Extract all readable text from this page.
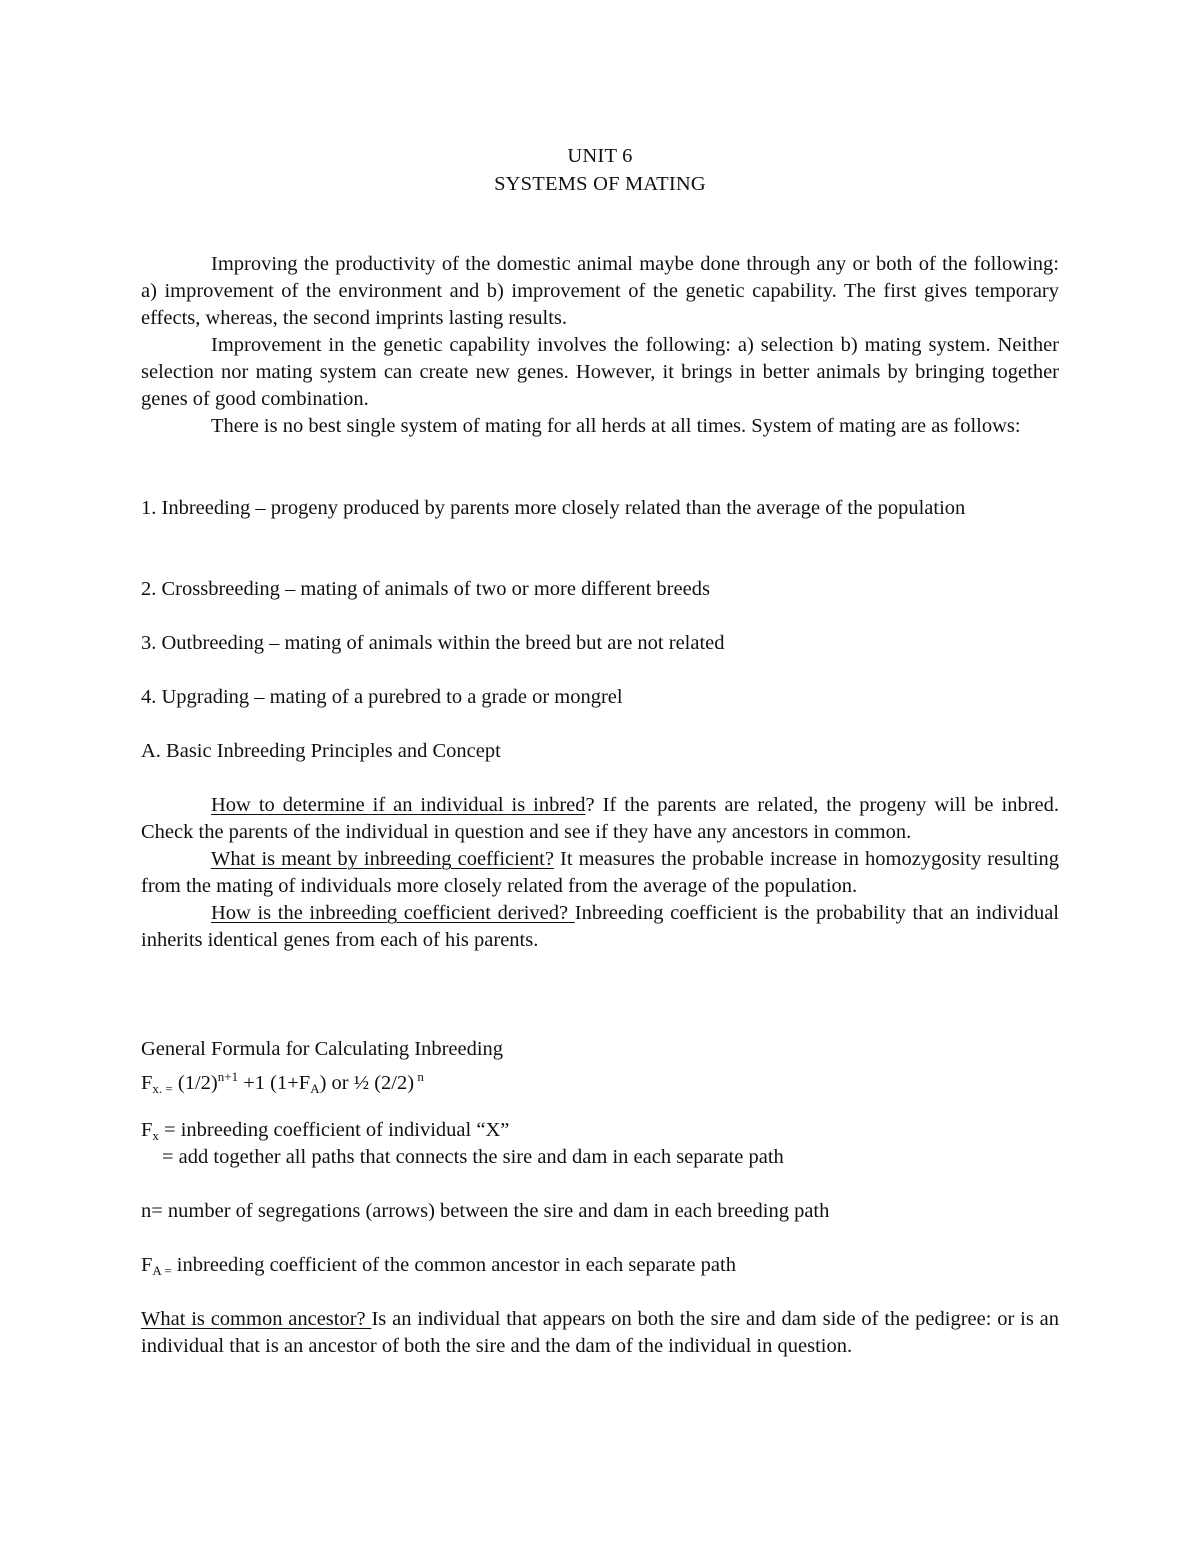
UNIT 6
SYSTEMS OF MATING

Improving the productivity of the domestic animal maybe done through any or both of the following: a) improvement of the environment and b) improvement of the genetic capability. The first gives temporary effects, whereas, the second imprints lasting results.

Improvement in the genetic capability involves the following: a) selection b) mating system. Neither selection nor mating system can create new genes. However, it brings in better animals by bringing together genes of good combination.

There is no best single system of mating for all herds at all times. System of mating are as follows:

1. Inbreeding – progeny produced by parents more closely related than the average of the population
2. Crossbreeding – mating of animals of two or more different breeds
3. Outbreeding – mating of animals within the breed but are not related
4. Upgrading – mating of a purebred to a grade or mongrel
A. Basic Inbreeding Principles and Concept

How to determine if an individual is inbred? If the parents are related, the progeny will be inbred. Check the parents of the individual in question and see if they have any ancestors in common.

What is meant by inbreeding coefficient? It measures the probable increase in homozygosity resulting from the mating of individuals more closely related from the average of the population.

How is the inbreeding coefficient derived? Inbreeding coefficient is the probability that an individual inherits identical genes from each of his parents.

General Formula for Calculating Inbreeding
$F_{x. =}$ $(1/2)^{n+1} +1$ $(1+F_A)$ or ½ (2/2) $^n$
$F_x$ = inbreeding coefficient of individual “X”
= add together all paths that connects the sire and dam in each separate path
n= number of segregations (arrows) between the sire and dam in each breeding path
$F_{A =}$ inbreeding coefficient of the common ancestor in each separate path
What is common ancestor? Is an individual that appears on both the sire and dam side of the pedigree: or is an individual that is an ancestor of both the sire and the dam of the individual in question.
